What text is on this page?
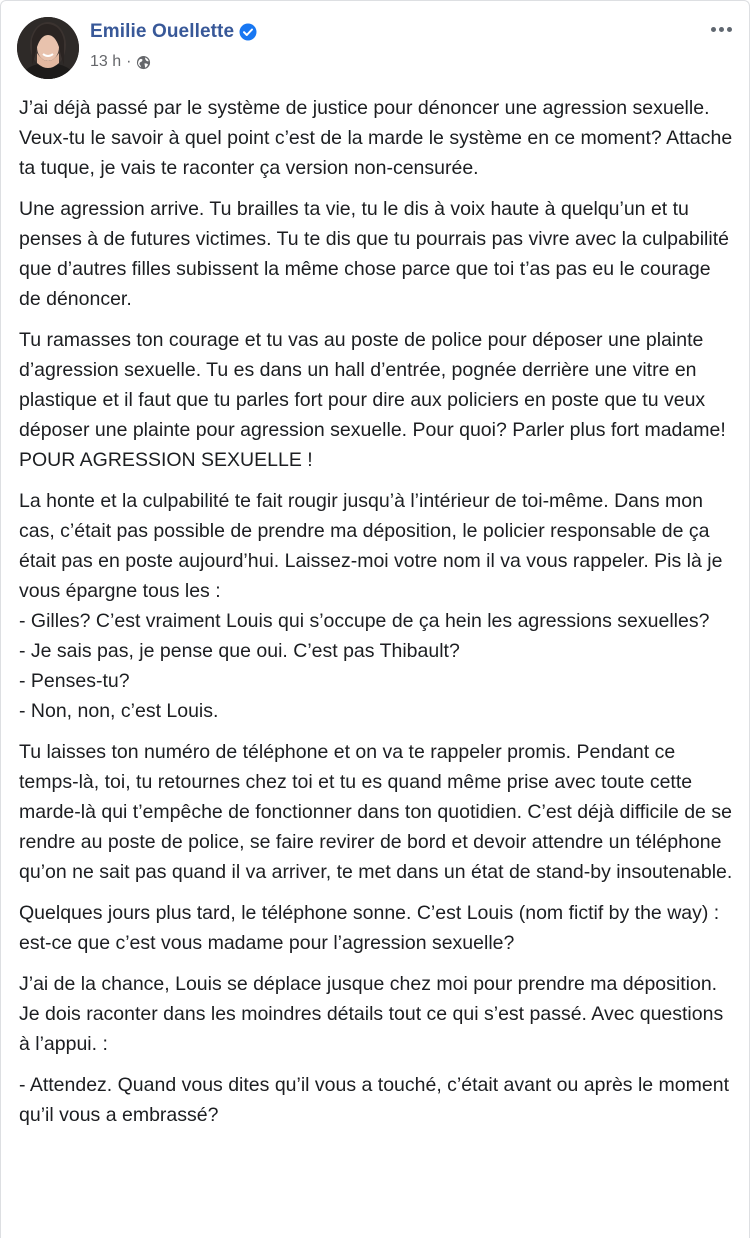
Emilie Ouellette
13 h ·

J’ai déjà passé par le système de justice pour dénoncer une agression sexuelle. Veux-tu le savoir à quel point c’est de la marde le système en ce moment? Attache ta tuque, je vais te raconter ça version non-censurée.

Une agression arrive. Tu brailles ta vie, tu le dis à voix haute à quelqu’un et tu penses à de futures victimes. Tu te dis que tu pourrais pas vivre avec la culpabilité que d’autres filles subissent la même chose parce que toi t’as pas eu le courage de dénoncer.

Tu ramasses ton courage et tu vas au poste de police pour déposer une plainte d’agression sexuelle. Tu es dans un hall d’entrée, pognée derrière une vitre en plastique et il faut que tu parles fort pour dire aux policiers en poste que tu veux déposer une plainte pour agression sexuelle. Pour quoi? Parler plus fort madame! POUR AGRESSION SEXUELLE !

La honte et la culpabilité te fait rougir jusqu’à l’intérieur de toi-même. Dans mon cas, c’était pas possible de prendre ma déposition, le policier responsable de ça était pas en poste aujourd’hui. Laissez-moi votre nom il va vous rappeler. Pis là je vous épargne tous les :
- Gilles? C’est vraiment Louis qui s’occupe de ça hein les agressions sexuelles?
- Je sais pas, je pense que oui. C’est pas Thibault?
- Penses-tu?
- Non, non, c’est Louis.

Tu laisses ton numéro de téléphone et on va te rappeler promis. Pendant ce temps-là, toi, tu retournes chez toi et tu es quand même prise avec toute cette marde-là qui t’empêche de fonctionner dans ton quotidien. C’est déjà difficile de se rendre au poste de police, se faire revirer de bord et devoir attendre un téléphone qu’on ne sait pas quand il va arriver, te met dans un état de stand-by insoutenable.

Quelques jours plus tard, le téléphone sonne. C’est Louis (nom fictif by the way) : est-ce que c’est vous madame pour l’agression sexuelle?

J’ai de la chance, Louis se déplace jusque chez moi pour prendre ma déposition. Je dois raconter dans les moindres détails tout ce qui s’est passé. Avec questions à l’appui. :

- Attendez. Quand vous dites qu’il vous a touché, c’était avant ou après le moment qu’il vous a embrassé?
